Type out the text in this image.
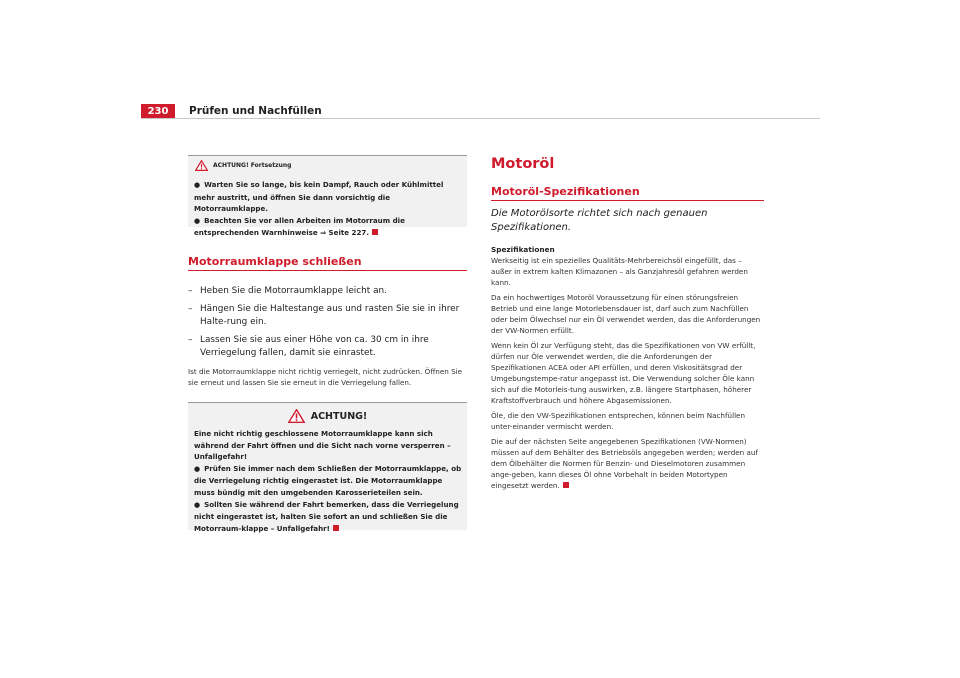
230	Prüfen und Nachfüllen
ACHTUNG! Fortsetzung
● Warten Sie so lange, bis kein Dampf, Rauch oder Kühlmittel mehr austritt, und öffnen Sie dann vorsichtig die Motorraumklappe.
● Beachten Sie vor allen Arbeiten im Motorraum die entsprechenden Warnhinweise ⇒ Seite 227.
Motorraumklappe schließen
– Heben Sie die Motorraumklappe leicht an.
– Hängen Sie die Haltestange aus und rasten Sie sie in ihrer Halte-rung ein.
– Lassen Sie sie aus einer Höhe von ca. 30 cm in ihre Verriegelung fallen, damit sie einrastet.
Ist die Motorraumklappe nicht richtig verriegelt, nicht zudrücken. Öffnen Sie sie erneut und lassen Sie sie erneut in die Verriegelung fallen.
ACHTUNG!
Eine nicht richtig geschlossene Motorraumklappe kann sich während der Fahrt öffnen und die Sicht nach vorne versperren – Unfallgefahr!
● Prüfen Sie immer nach dem Schließen der Motorraumklappe, ob die Verriegelung richtig eingerastet ist. Die Motorraumklappe muss bündig mit den umgebenden Karosserieteilen sein.
● Sollten Sie während der Fahrt bemerken, dass die Verriegelung nicht eingerastet ist, halten Sie sofort an und schließen Sie die Motorraum-klappe – Unfallgefahr!
Motoröl
Motoröl-Spezifikationen
Die Motorölsorte richtet sich nach genauen Spezifikationen.
Spezifikationen

Werkseitig ist ein spezielles Qualitäts-Mehrbereichsöl eingefüllt, das – außer in extrem kalten Klimazonen – als Ganzjahresöl gefahren werden kann.

Da ein hochwertiges Motoröl Voraussetzung für einen störungsfreien Betrieb und eine lange Motorlebensdauer ist, darf auch zum Nachfüllen oder beim Ölwechsel nur ein Öl verwendet werden, das die Anforderungen der VW-Normen erfüllt.

Wenn kein Öl zur Verfügung steht, das die Spezifikationen von VW erfüllt, dürfen nur Öle verwendet werden, die die Anforderungen der Spezifikationen ACEA oder API erfüllen, und deren Viskositätsgrad der Umgebungstempe-ratur angepasst ist. Die Verwendung solcher Öle kann sich auf die Motorleis-tung auswirken, z.B. längere Startphasen, höherer Kraftstoffverbrauch und höhere Abgasemissionen.

Öle, die den VW-Spezifikationen entsprechen, können beim Nachfüllen unter-einander vermischt werden.

Die auf der nächsten Seite angegebenen Spezifikationen (VW-Normen) müssen auf dem Behälter des Betriebsöls angegeben werden; werden auf dem Ölbehälter die Normen für Benzin- und Dieselmotoren zusammen ange-geben, kann dieses Öl ohne Vorbehalt in beiden Motortypen eingesetzt werden.
